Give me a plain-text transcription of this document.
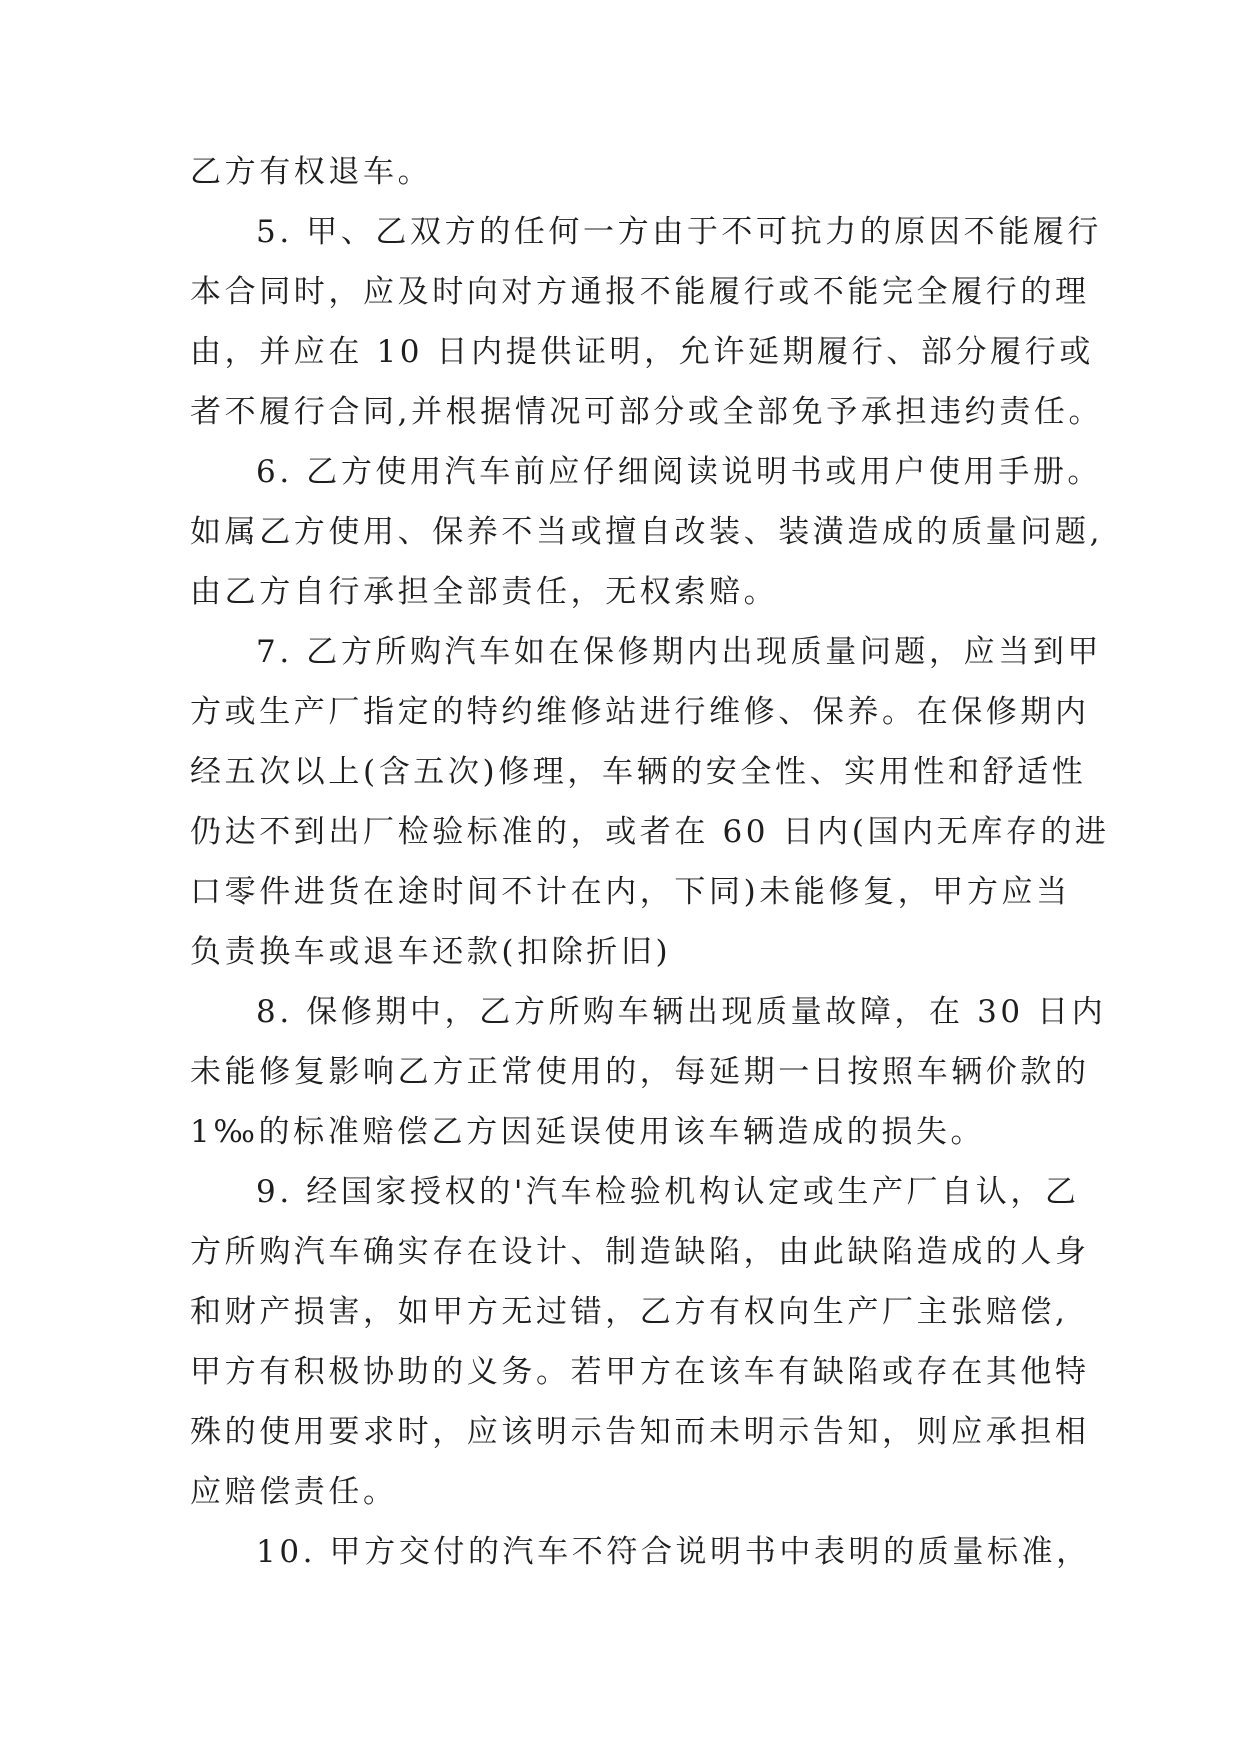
乙方有权退车。

5. 甲、乙双方的任何一方由于不可抗力的原因不能履行

本合同时，应及时向对方通报不能履行或不能完全履行的理

由，并应在 10 日内提供证明，允许延期履行、部分履行或

者不履行合同,并根据情况可部分或全部免予承担违约责任。

6. 乙方使用汽车前应仔细阅读说明书或用户使用手册。

如属乙方使用、保养不当或擅自改装、装潢造成的质量问题,

由乙方自行承担全部责任，无权索赔。

7. 乙方所购汽车如在保修期内出现质量问题，应当到甲

方或生产厂指定的特约维修站进行维修、保养。在保修期内

经五次以上(含五次)修理，车辆的安全性、实用性和舒适性

仍达不到出厂检验标准的，或者在 60 日内(国内无库存的进

口零件进货在途时间不计在内，下同)未能修复，甲方应当

负责换车或退车还款(扣除折旧)

8. 保修期中，乙方所购车辆出现质量故障，在 30 日内

未能修复影响乙方正常使用的，每延期一日按照车辆价款的

1‰的标准赔偿乙方因延误使用该车辆造成的损失。

9. 经国家授权的'汽车检验机构认定或生产厂自认，乙

方所购汽车确实存在设计、制造缺陷，由此缺陷造成的人身

和财产损害，如甲方无过错，乙方有权向生产厂主张赔偿,

甲方有积极协助的义务。若甲方在该车有缺陷或存在其他特

殊的使用要求时，应该明示告知而未明示告知，则应承担相

应赔偿责任。

10. 甲方交付的汽车不符合说明书中表明的质量标准，
